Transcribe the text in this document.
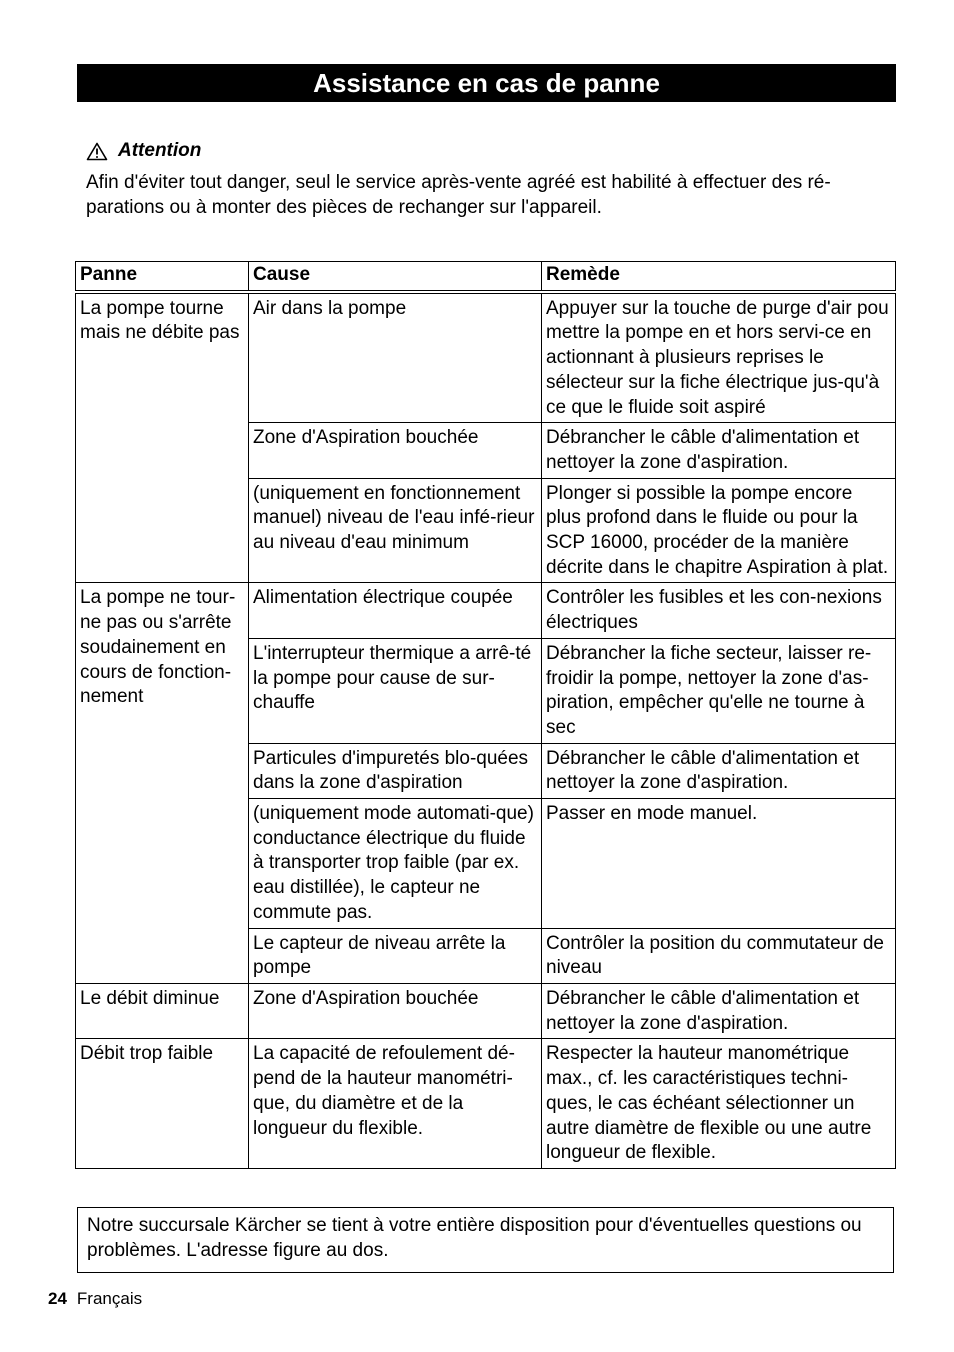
Assistance en cas de panne
Attention
Afin d'éviter tout danger, seul le service après-vente agréé est habilité à effectuer des ré-parations ou à monter des pièces de rechanger sur l'appareil.
Panne	Cause	Remède
La pompe tourne mais ne débite pas	Air dans la pompe	Appuyer sur la touche de purge d'air pou mettre la pompe en et hors servi-ce en actionnant à plusieurs reprises le sélecteur sur la fiche électrique jus-qu'à ce que le fluide soit aspiré
	Zone d'Aspiration bouchée	Débrancher le câble d'alimentation et nettoyer la zone d'aspiration.
	(uniquement en fonctionnement manuel) niveau de l'eau infé-rieur au niveau d'eau minimum	Plonger si possible la pompe encore plus profond dans le fluide ou pour la SCP 16000, procéder de la manière décrite dans le chapitre Aspiration à plat.
La pompe ne tour-ne pas ou s'arrête soudainement en cours de fonction-nement	Alimentation électrique coupée	Contrôler les fusibles et les con-nexions électriques
	L'interrupteur thermique a arrê-té la pompe pour cause de sur-chauffe	Débrancher la fiche secteur, laisser re-froidir la pompe, nettoyer la zone d'as-piration, empêcher qu'elle ne tourne à sec
	Particules d'impuretés blo-quées dans la zone d'aspiration	Débrancher le câble d'alimentation et nettoyer la zone d'aspiration.
	(uniquement mode automati-que) conductance électrique du fluide à transporter trop faible (par ex. eau distillée), le capteur ne commute pas.	Passer en mode manuel.
	Le capteur de niveau arrête la pompe	Contrôler la position du commutateur de niveau
Le débit diminue	Zone d'Aspiration bouchée	Débrancher le câble d'alimentation et nettoyer la zone d'aspiration.
Débit trop faible	La capacité de refoulement dé-pend de la hauteur manométri-que, du diamètre et de la longueur du flexible.	Respecter la hauteur manométrique max., cf. les caractéristiques techni-ques, le cas échéant sélectionner un autre diamètre de flexible ou une autre longueur de flexible.
Notre succursale Kärcher se tient à votre entière disposition pour d'éventuelles questions ou problèmes. L'adresse figure au dos.
24 Français
